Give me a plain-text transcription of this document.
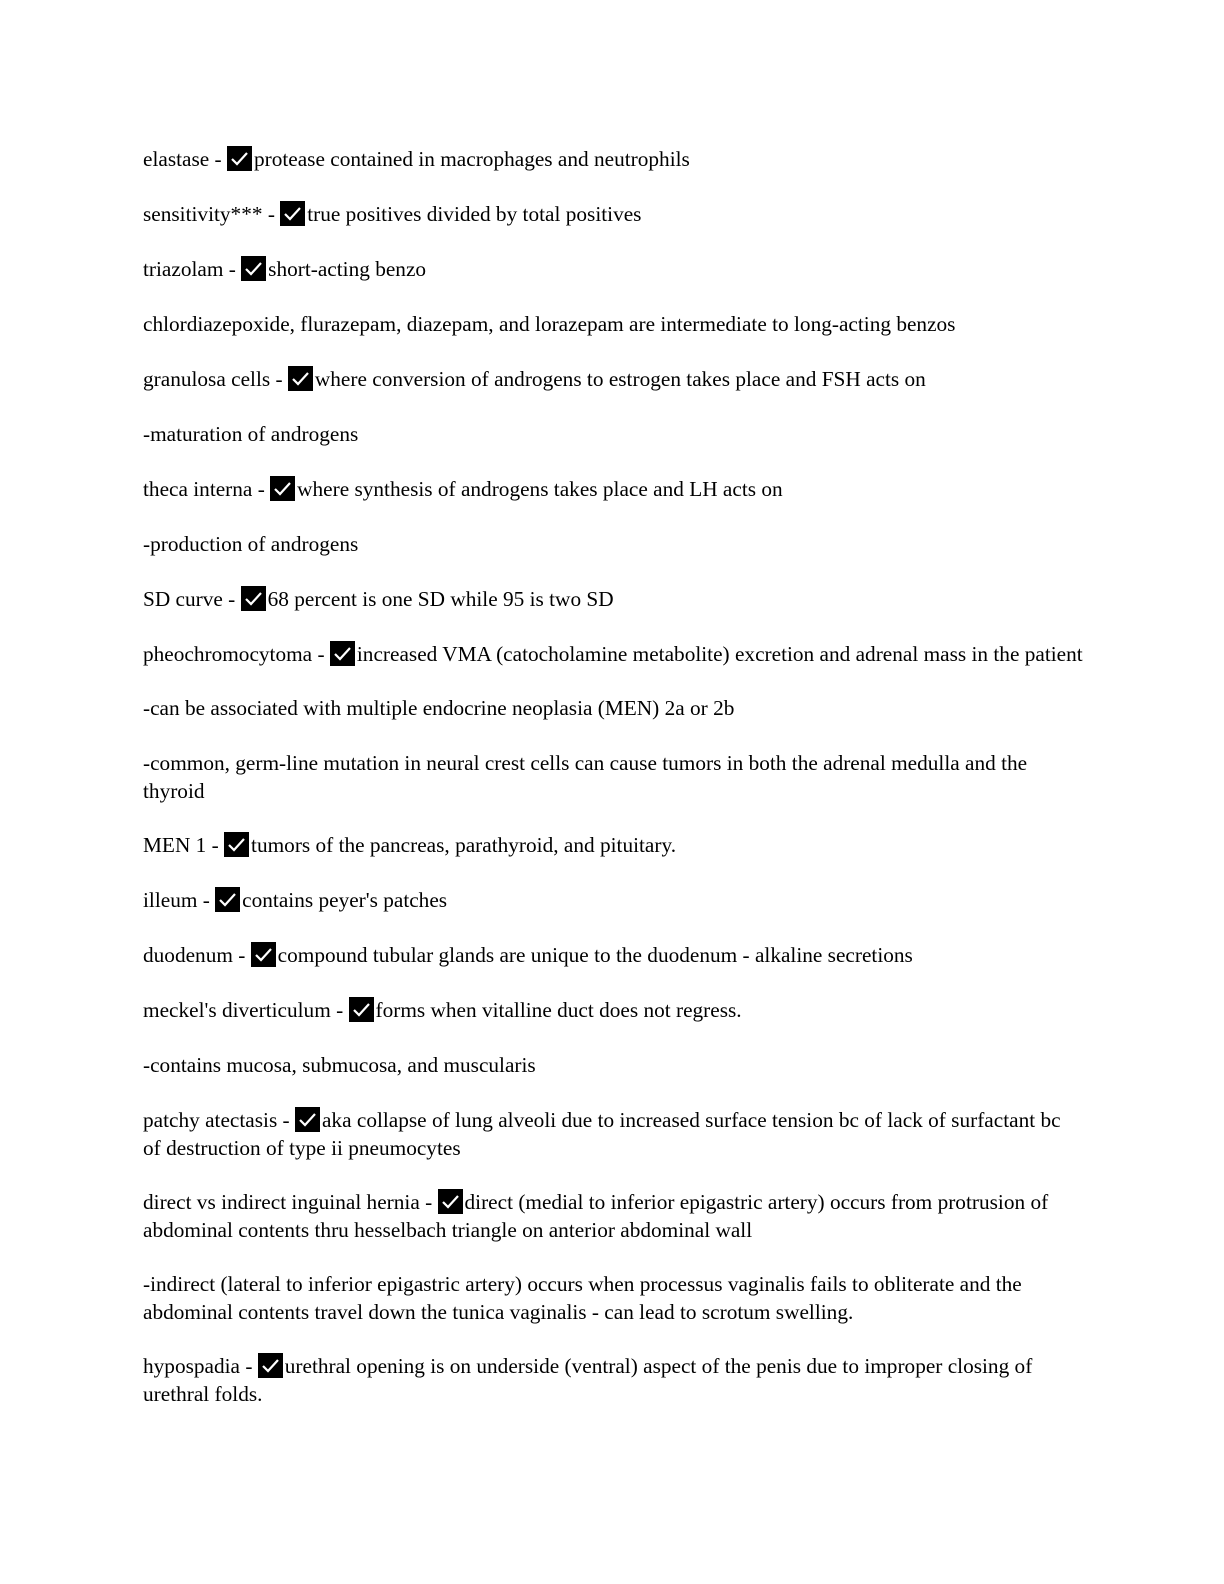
elastase -
protease contained in macrophages and neutrophils

sensitivity*** -
true positives divided by total positives

triazolam -
short-acting benzo

chlordiazepoxide, flurazepam, diazepam, and lorazepam are intermediate to long-acting benzos

granulosa cells -
where conversion of androgens to estrogen takes place and FSH acts on

-maturation of androgens

theca interna -
where synthesis of androgens takes place and LH acts on

-production of androgens

SD curve -
68 percent is one SD while 95 is two SD

pheochromocytoma -
increased VMA (catocholamine metabolite) excretion and adrenal mass in the patient

-can be associated with multiple endocrine neoplasia (MEN) 2a or 2b

-common, germ-line mutation in neural crest cells can cause tumors in both the adrenal medulla and the thyroid

MEN 1 -
tumors of the pancreas, parathyroid, and pituitary.

illeum -
contains peyer's patches

duodenum -
compound tubular glands are unique to the duodenum - alkaline secretions

meckel's diverticulum -
forms when vitalline duct does not regress.

-contains mucosa, submucosa, and muscularis

patchy atectasis -
aka collapse of lung alveoli due to increased surface tension bc of lack of surfactant bc of destruction of type ii pneumocytes

direct vs indirect inguinal hernia -
direct (medial to inferior epigastric artery) occurs from protrusion of abdominal contents thru hesselbach triangle on anterior abdominal wall

-indirect (lateral to inferior epigastric artery) occurs when processus vaginalis fails to obliterate and the abdominal contents travel down the tunica vaginalis - can lead to scrotum swelling.

hypospadia -
urethral opening is on underside (ventral) aspect of the penis due to improper closing of urethral folds.
